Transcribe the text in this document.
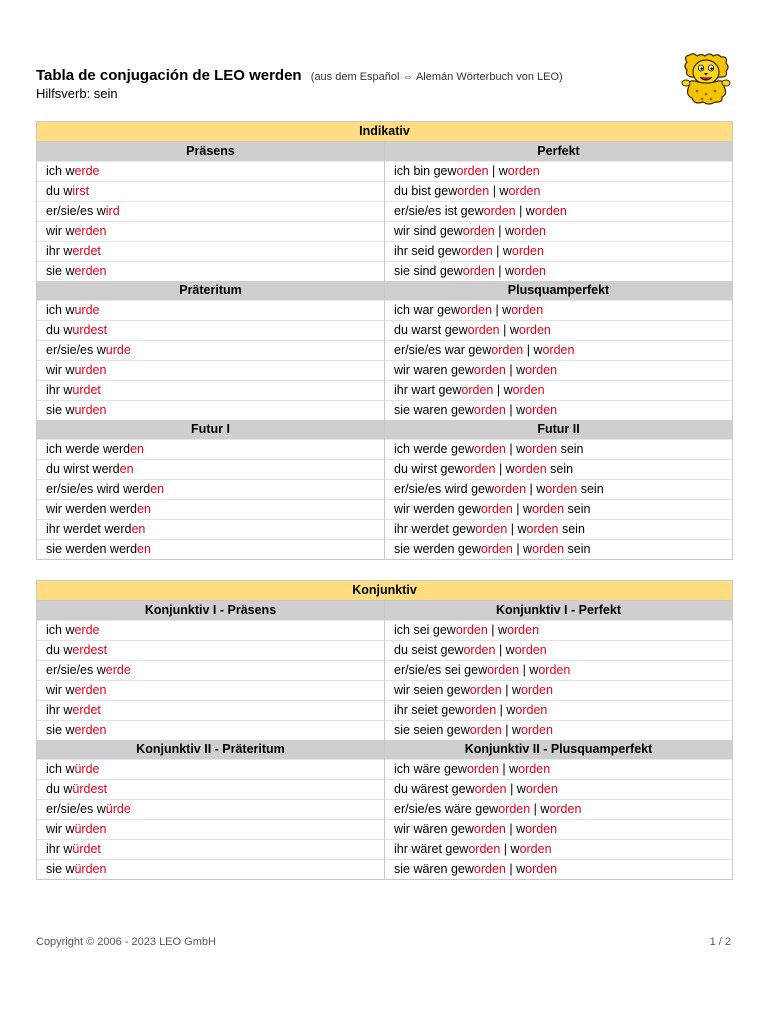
Tabla de conjugación de LEO werden (aus dem Español ⇔ Alemán Wörterbuch von LEO)
Hilfsverb: sein
Indikativ
Präsens
ich werde
du wirst
er/sie/es wird
wir werden
ihr werdet
sie werden
Perfekt
ich bin geworden | worden
du bist geworden | worden
er/sie/es ist geworden | worden
wir sind geworden | worden
ihr seid geworden | worden
sie sind geworden | worden
Präteritum
ich wurde
du wurdest
er/sie/es wurde
wir wurden
ihr wurdet
sie wurden
Plusquamperfekt
ich war geworden | worden
du warst geworden | worden
er/sie/es war geworden | worden
wir waren geworden | worden
ihr wart geworden | worden
sie waren geworden | worden
Futur I
ich werde werden
du wirst werden
er/sie/es wird werden
wir werden werden
ihr werdet werden
sie werden werden
Futur II
ich werde geworden | worden sein
du wirst geworden | worden sein
er/sie/es wird geworden | worden sein
wir werden geworden | worden sein
ihr werdet geworden | worden sein
sie werden geworden | worden sein
Konjunktiv
Konjunktiv I - Präsens
ich werde
du werdest
er/sie/es werde
wir werden
ihr werdet
sie werden
Konjunktiv I - Perfekt
ich sei geworden | worden
du seist geworden | worden
er/sie/es sei geworden | worden
wir seien geworden | worden
ihr seiet geworden | worden
sie seien geworden | worden
Konjunktiv II - Präteritum
ich würde
du würdest
er/sie/es würde
wir würden
ihr würdet
sie würden
Konjunktiv II - Plusquamperfekt
ich wäre geworden | worden
du wärest geworden | worden
er/sie/es wäre geworden | worden
wir wären geworden | worden
ihr wäret geworden | worden
sie wären geworden | worden
Copyright © 2006 - 2023 LEO GmbH	1 / 2
